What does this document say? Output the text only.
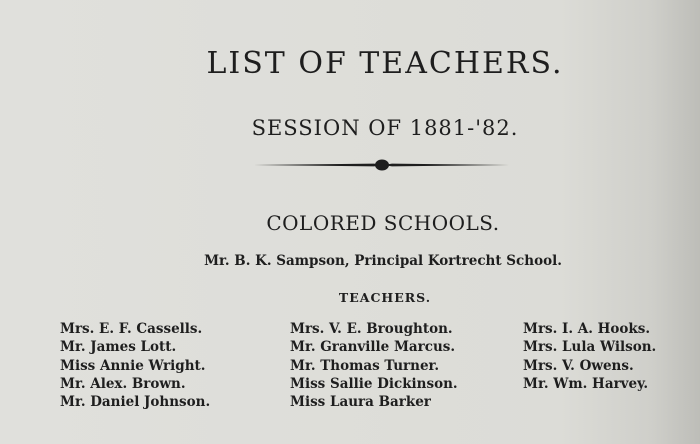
LIST OF TEACHERS.
SESSION OF 1881-'82.
COLORED SCHOOLS.
Mr. B. K. Sampson, Principal Kortrecht School.
TEACHERS.
Mrs. E. F. Cassells.
Mr. James Lott.
Miss Annie Wright.
Mr. Alex. Brown.
Mr. Daniel Johnson.
Mrs. V. E. Broughton.
Mr. Granville Marcus.
Mr. Thomas Turner.
Miss Sallie Dickinson.
Miss Laura Barker
Mrs. I. A. Hooks.
Mrs. Lula Wilson.
Mrs. V. Owens.
Mr. Wm. Harvey.
